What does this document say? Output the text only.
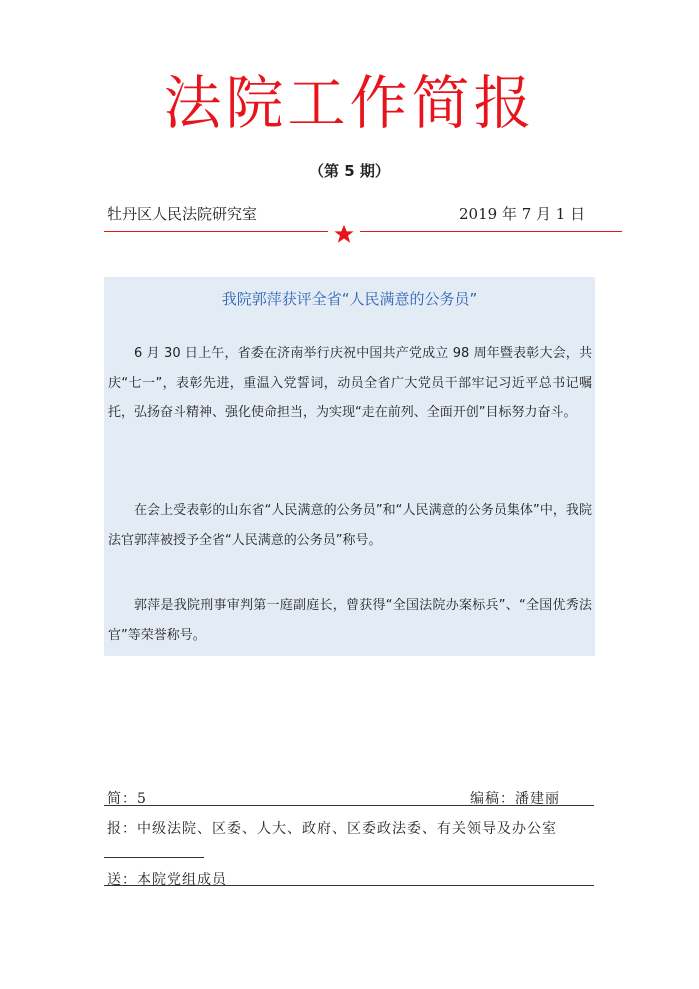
法院工作简报
（第 5 期）
牡丹区人民法院研究室	2019 年 7 月 1 日
我院郭萍获评全省“人民满意的公务员”

6 月 30 日上午，省委在济南举行庆祝中国共产党成立 98 周年暨表彰大会，共庆“七一”，表彰先进，重温入党誓词，动员全省广大党员干部牢记习近平总书记嘱托，弘扬奋斗精神、强化使命担当，为实现“走在前列、全面开创”目标努力奋斗。

在会上受表彰的山东省“人民满意的公务员”和“人民满意的公务员集体”中，我院法官郭萍被授予全省“人民满意的公务员”称号。

郭萍是我院刑事审判第一庭副庭长，曾获得“全国法院办案标兵”、“全国优秀法官”等荣誉称号。

简：5	编稿：潘建丽
报：中级法院、区委、人大、政府、区委政法委、有关领导及办公室
送：本院党组成员
